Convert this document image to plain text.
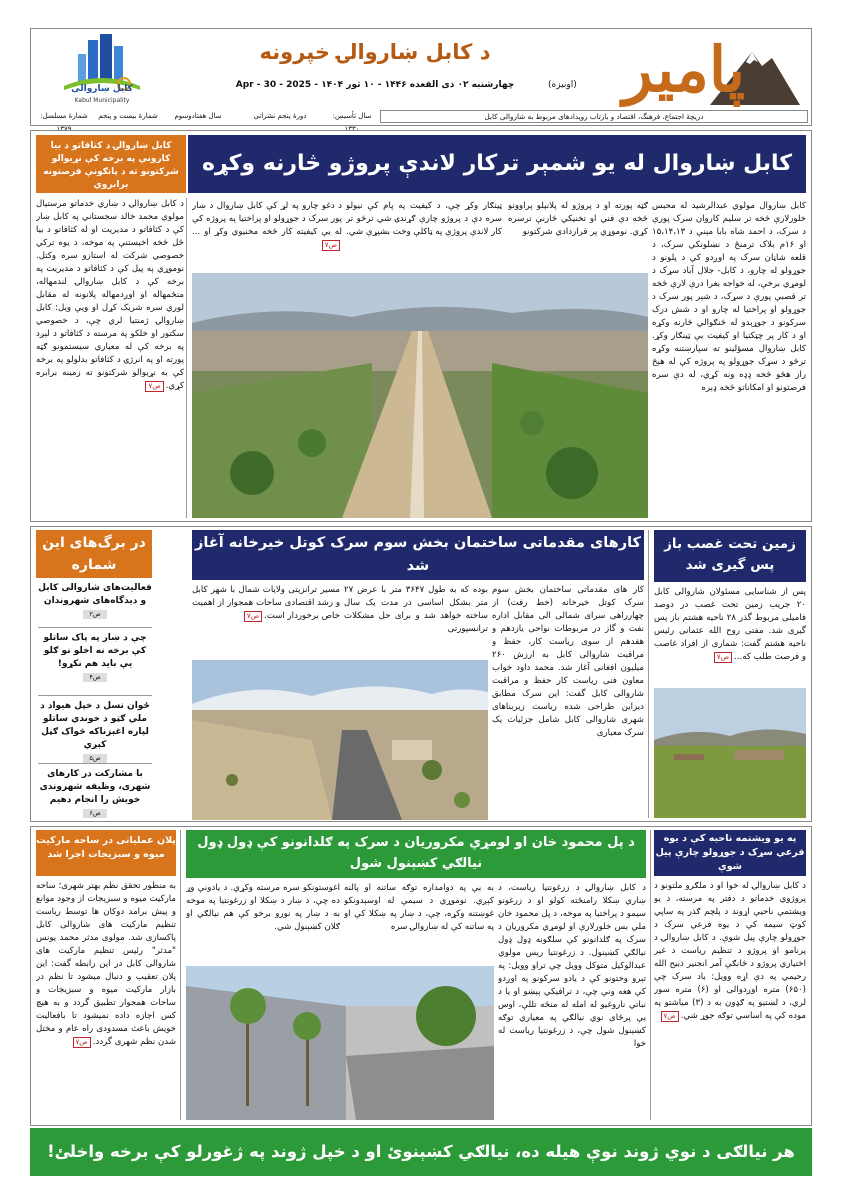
کابل ښاروالی
Kabul Municipality
د کابل ښاروالۍ خپرونه
چهارشنبه ۰۲ ذی القعده ۱۴۴۶ - ۱۰ ثور ۱۴۰۴ - Apr - 30 - 2025	پامیر
(اونیزه)
دریچهٔ اجتماع، فرهنگ، اقتصاد و بازتاب رویدادهای مربوط به شاروالی کابل
سال تأسیس: ۱۳۳۰
دورهٔ پنجم نشراتی
سال هفتادوسوم
شمارهٔ بیست و پنجم
شمارهٔ مسلسل: ۱۳۷۹
کابل ښاروال له یو شمېر ترکار لاندې پروژو څارنه وکړه
کابل ښاروالۍ د کتاقاتو د بیا کارونې په برخه کې نړیوالو شرکتونو ته د پانګونې فرصتونه برابروي
د کابل ښاروالۍ د ښاري خدماتو مرستیال مولوي محمد خالد سجستاني په کابل ښار کې د کثافاتو د مدیریت او له کثافاتو د بیا ځل څخه اخیستنې په موخه، د یوه ترکي خصوصي شرکت له استازو سره وکتل. نوموړي په پیل کې د کثافاتو د مدیریت په برخه کې د کابل ښاروالۍ لندمهاله، منځمهاله او اوږدمهاله پلانونه له مقابل لوري سره شریک کړل او ویې ویل: کابل ښاروالۍ ژمنتیا لري چې، د خصوصي سکتور او خلکو په مرسته د کثافاتو د لېږد په برخه کې له معیاري سیستمونو ګټه پورته او په انرژۍ د کثافاتو بدلولو په برخه کې به نړیوالو شرکتونو ته زمینه برابره کړي.ص۷
کابل ښاروال مولوي عبدالرشید له محبس خلورلارې څخه تر سلیم کاروان سرک پورې د سرک، د احمد شاه بابا مېنې د ۱۵،۱۴،۱۳ او ۱۶م بلاک ترمنځ د نښلونکي سرک، د قلعه شاڼان سرک په اوږدو کې د پلونو د جوړولو له چارو، د کابل- جلال آباد سړک د لومړي برخې، له خواجه بغرا درې لارې څخه تر قصبې پورې د سړک، د شېر پور سرک د جوړولو او پراختیا له چارو او د شش درک سرکونو د جوړېدو له څنګوالي څارنه وکړه او د کار پر چټکتیا او کیفیت یې ټینګار وکړ. کابل ښاروال مسؤلینو ته سپارښتنه وکړه ترڅو د سړک جوړولو په پروژه کې له هېڅ راز هڅو څخه ډډه ونه کړي، له دې سره فرصتونو او امکاناتو څخه ډېره
ګټه پورته او د پروژو له پلانپلو پراوونو څخه دې فني او تخنیکي څارنې ترسره کړي. نوموړي پر قراردادي شرکتونو
ټینګار وکړ چې، د کیفیت په پام کې نیولو سره دې د پروژو چارې ګړندۍ شي ترڅو تر کار لاندې پروژې په ټاکلې وخت بشپړې شي.
د دغو چارو په لړ کې کابل ښاروال د ښار پور سرک د جوړولو او پراختیا په پروژه کې له یې کیفیته کار څخه مخنیوي وکړ او ...ص۷
در برگ‌های این شماره
فعالیت‌های شاروالی کابل و دیدگاه‌های شهروندان
ص۲
چې د ښار په پاک ساتلو کې برخه نه اخلو نو ګلو یې باید هم نکړو!
ص۴
ځوان نسل د خپل هیواد د ملي ګټو د خوندي ساتلو لپاره اغېزناکه څواک ګڼل کېږي
ص۵
با مشارکت در کارهای شهری، وظیفه شهروندی خویش را انجام دهیم
ص۶
کارهای مقدماتی ساختمان بخش سوم سرک کوتل خیرخانه آغاز شد
کار های مقدماتی ساختمان بخش سوم سرک کوتل خیرخانه (خط رفت) از چهارراهی سرای شمالی الی مقابل اداره نفت و گاز در مربوطات نواحی یازدهم و هفدهم از سوی ریاست کار، حفظ و مراقبت شاروالی کابل به ارزش ۲۶۰ میلیون افغانی آغاز شد. محمد داود خواب معاون فنی ریاست کار حفظ و مراقبت شاروالی کابل گفت: این سرک مطابق دیزاین طراحی شده ریاست زیربناهای شهری شاروالی کابل شامل جزئیات یک سرک معیاری
بوده که به طول ۳۶۴۷ متر با عرض ۲۷ متر بشکل اساسی در مدت یک سال ساخته خواهد شد و برای حل مشکلات ترانسپورتی
مسیر ترانزیتی ولایات شمال با شهر کابل و رشد اقتصادی ساحات همجوار از اهمیت خاص برخوردار است.ص۷
زمین تحت غصب باز پس گیری شد
پس از شناسایی مسئولان شاروالی کابل ۲۰ جریب زمین تحت غصب در دوصد فامیلی مربوط گذر ۲۸ ناحیه هشتم باز پس گیری شد. مفتی روح الله عثمانی رئیس ناحیه هشتم گفت: شماری از افراد غاصب و فرصت طلب که...ص۷
پلان عملیاتی در ساحه مارکیت میوه و سبزیجات اجرا شد
به منظور تحقق نظم بهتر شهری؛ ساحه مارکیت میوه و سبزیجات از وجود موانع و پیش برامد دوکان ها توسط ریاست تنظیم مارکیت های شاروالی کابل پاکسازی شد. مولوی مدثر محمد یونس "مدثر" رئیس تنظیم مارکیت های شاروالی کابل در این رابطه گفت: این پلان تعقیب و دنبال میشود تا نظم در بازار مارکیت میوه و سبزیجات و ساحات همجوار تطبیق گردد و به هیچ کس اجازه داده نمیشود تا بافعالیت خویش باعث مسدودی راه عام و مختل شدن نظم شهری گردد.ص۷
د پل محمود خان او لومړي مکروریان د سرک په ګلدانونو کې ډول ډول نیالګي کښېنول شول
د کابل ښاروالۍ د زرغونتیا ریاست، د ښاري ښکلا رامنځته کولو او د زرغونو سیمو د پراختیا په موخه، د پل محمود خان ملي بس خلورلارې او لومړي مکروریان د سرک په ګلدانونو کې سلګونه ډول ډول نیالګي کښېنول. د زرغونتیا ریس مولوي عبدالوکیل متوکل وویل چې تراو وویل: په تېرو وختونو کې د یادو سرکونو په اوږدو کې هغه ونې چې، د ترافیکي پېښو او یا د نباتي ناروغیو له امله له منځه تللې، اوس یې پرځای نوي نیالګي په معیاري توګه کښېنول شول چې، د زرغونتیا ریاست له خوا
به یې په دوامداره توګه ساتنه او پالنه کېږي. نوموړي د سیمې له اوسېدونکو غوښتنه وکړه، چې، د ښار په ښکلا کې او په ساتنه کې له ښاروالۍ سره
اغوستونکو سره مرسته وکړي. د یادونې وړ ده چې، د ښار د ښکلا او زرغونتیا په موخه به د ښار په نورو برخو کې هم نیالګي او ګلان کښېنول شي.
په یو ویشتمه ناحیه کې د یوه فرعي سړک د جوړولو چارې پیل شوې
د کابل ښاروالۍ له خوا او د ملګرو ملتونو د پروژوي خدماتو د دفتر په مرسته، د یو ویشتمې ناحیې اړوند د پلچم ګذر په ساپي کوټ سیمه کې د یوه فرعي سرک د جوړولو چارې پیل شوې. د کابل ښاروالۍ د پرنامو او پروژو د تنظیم ریاست د غیر اختیاري پروژو د څانګې آمر انجنیر ذبیح الله رحیمي په دې اړه وویل: یاد سرک چې (۶۵۰) متره اوږدوالی او (۶) متره سور لري، د لښتیو په ګډون به د (۳) میاشتو په موده کې په اساسي توګه جوړ شي.ص۷
هر نیالګی د نوي ژوند نوې هیله ده، نیالګي کښېنوئ او د خپل ژوند په ژغورلو کې برخه واخلئ!
